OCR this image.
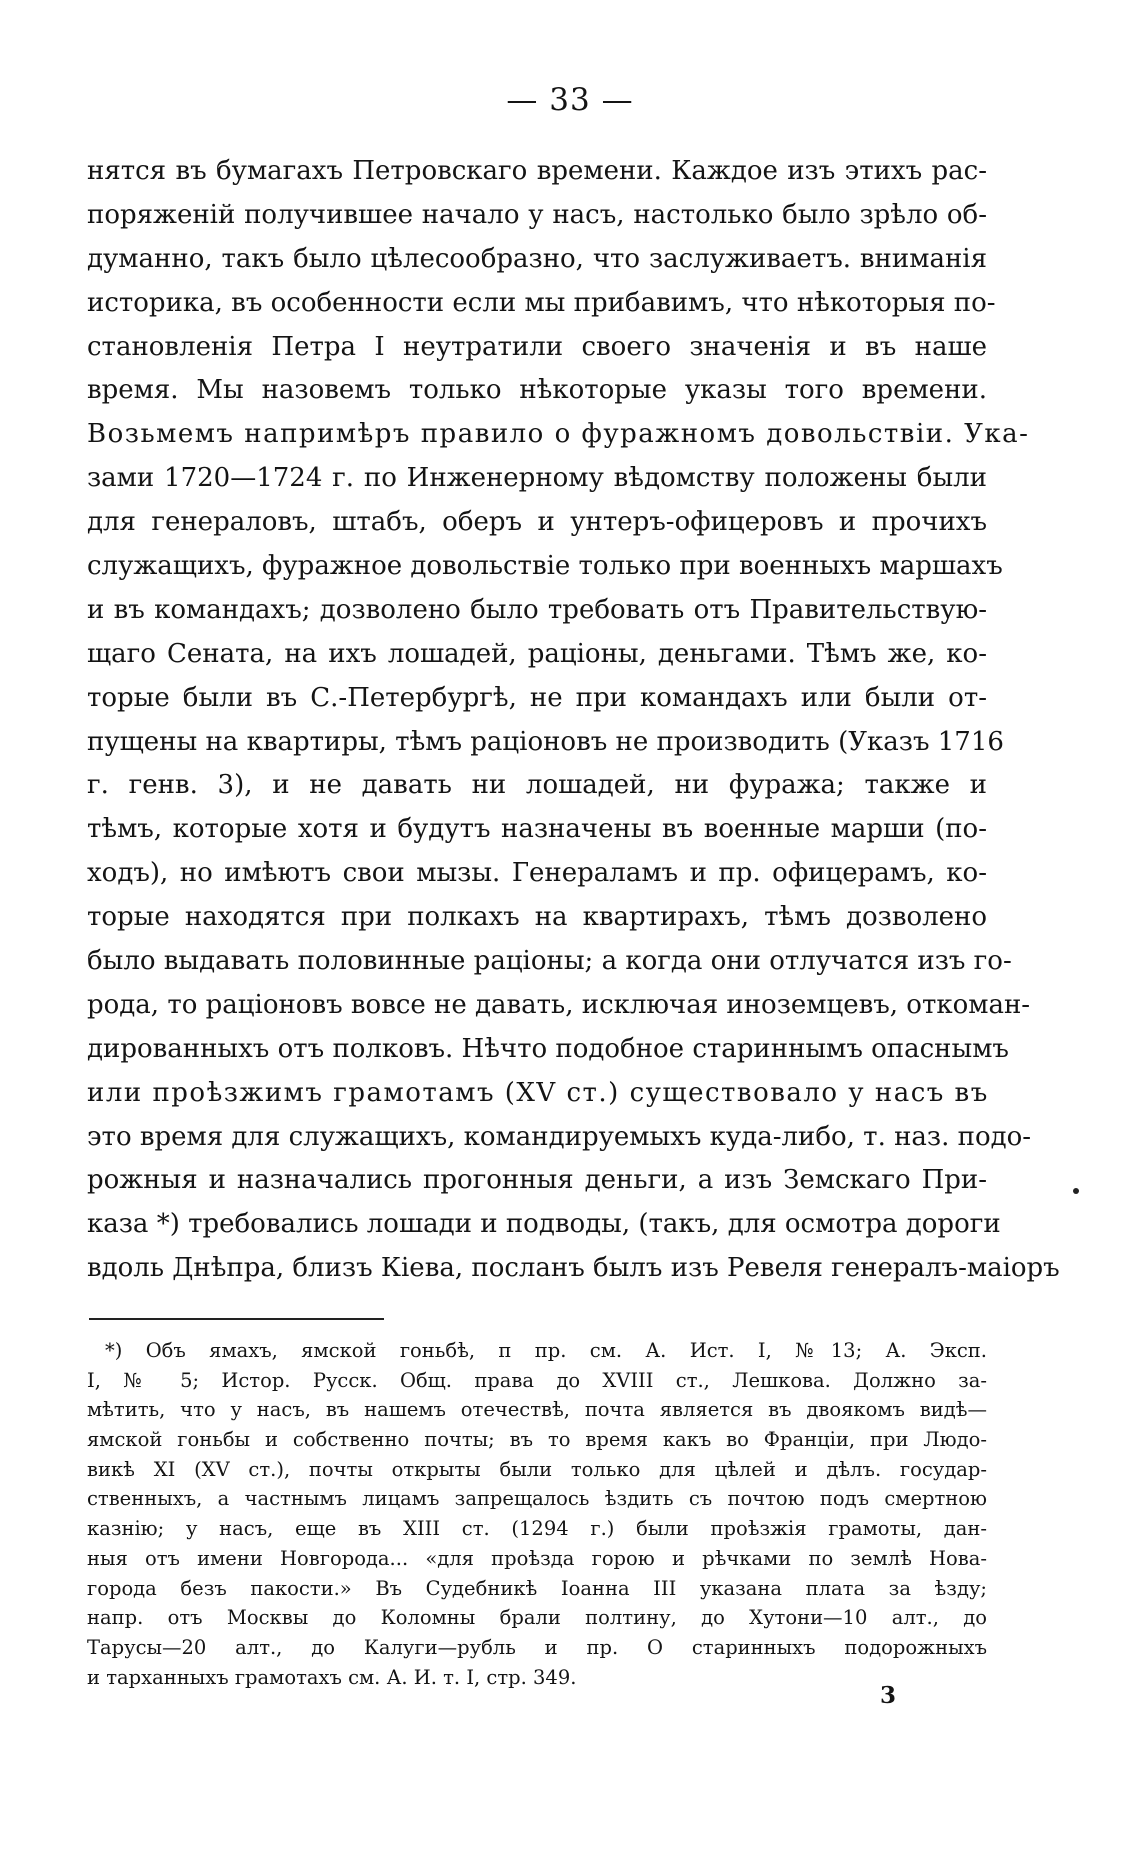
— 33 —
нятся въ бумагахъ Петровскаго времени. Каждое изъ этихъ рас-
поряженій получившее начало у насъ, настолько было зрѣло об-
думанно, такъ было цѣлесообразно, что заслуживаетъ. вниманія
историка, въ особенности если мы прибавимъ, что нѣкоторыя по-
становленія Петра I неутратили своего значенія и въ наше
время. Мы назовемъ только нѣкоторые указы того времени.
Возьмемъ напримѣръ правило о фуражномъ довольствіи. Ука-
зами 1720—1724 г. по Инженерному вѣдомству положены были
для генераловъ, штабъ, оберъ и унтеръ-офицеровъ и прочихъ
служащихъ, фуражное довольствіе только при военныхъ маршахъ
и въ командахъ; дозволено было требовать отъ Правительствую-
щаго Сената, на ихъ лошадей, раціоны, деньгами. Тѣмъ же, ко-
торые были въ С.-Петербургѣ, не при командахъ или были от-
пущены на квартиры, тѣмъ раціоновъ не производить (Указъ 1716
г. генв. 3), и не давать ни лошадей, ни фуража; также и
тѣмъ, которые хотя и будутъ назначены въ военные марши (по-
ходъ), но имѣютъ свои мызы. Генераламъ и пр. офицерамъ, ко-
торые находятся при полкахъ на квартирахъ, тѣмъ дозволено
было выдавать половинные раціоны; а когда они отлучатся изъ го-
рода, то раціоновъ вовсе не давать, исключая иноземцевъ, откоман-
дированныхъ отъ полковъ. Нѣчто подобное стариннымъ опаснымъ
или проѣзжимъ грамотамъ (XV ст.) существовало у насъ въ
это время для служащихъ, командируемыхъ куда-либо, т. наз. подо-
рожныя и назначались прогонныя деньги, а изъ Земскаго При-
каза *) требовались лошади и подводы, (такъ, для осмотра дороги
вдоль Днѣпра, близъ Кіева, посланъ былъ изъ Ревеля генералъ-маіоръ
*) Объ ямахъ, ямской гоньбѣ, п пр. см. А. Ист. I, №13; А. Эксп.
I, № 5; Истор. Русск. Общ. права до XVIII ст., Лешкова. Должно за-
мѣтить, что у насъ, въ нашемъ отечествѣ, почта является въ двоякомъ видѣ—
ямской гоньбы и собственно почты; въ то время какъ во Франціи, при Людо-
викѣ XI (XV ст.), почты открыты были только для цѣлей и дѣлъ. государ-
ственныхъ, а частнымъ лицамъ запрещалось ѣздить съ почтою подъ смертною
казнію; у насъ, еще въ XIII ст. (1294 г.) были проѣзжія грамоты, дан-
ныя отъ имени Новгорода... «для проѣзда горою и рѣчками по землѣ Нова-
города безъ пакости.» Въ Судебникѣ Іоанна III указана плата за ѣзду;
напр. отъ Москвы до Коломны брали полтину, до Хутони—10 алт., до
Тарусы—20 алт., до Калуги—рубль и пр. О старинныхъ подорожныхъ
и тарханныхъ грамотахъ см. А. И. т. I, стр. 349.
3
